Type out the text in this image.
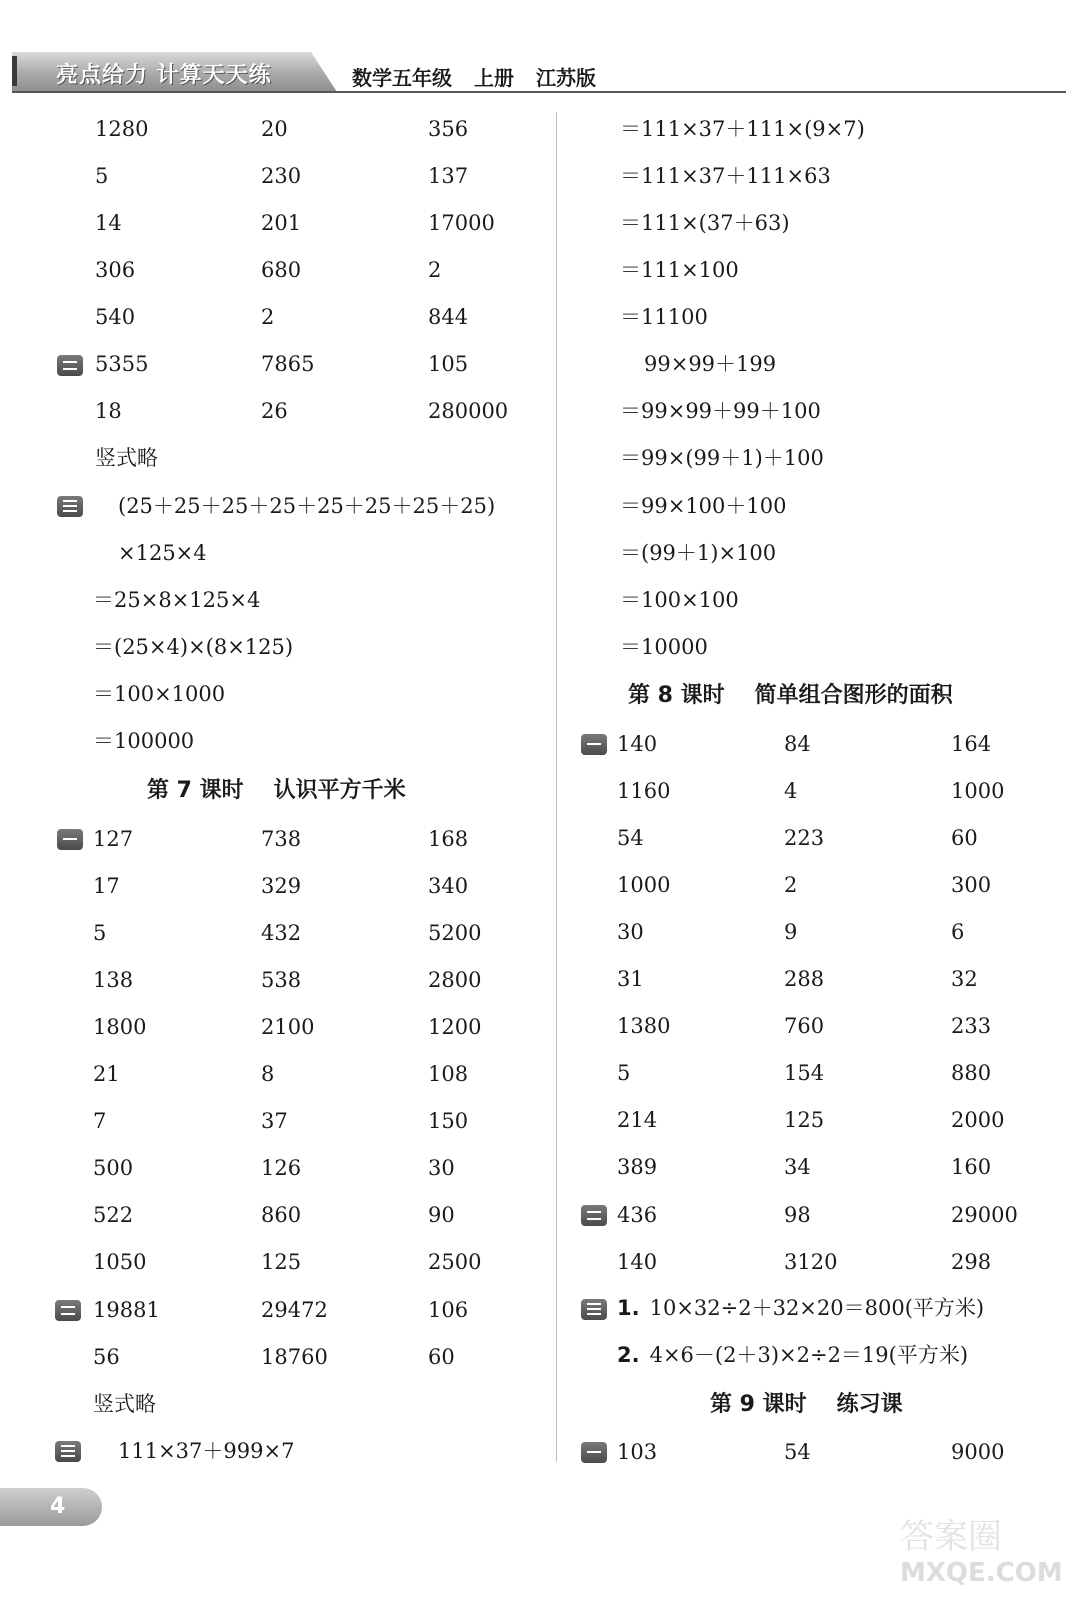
亮点给力 计算天天练	数学五年级 上册 江苏版
1280	20	356
5	230	137
14	201	17000
306	680	2
540	2	844
5355	7865	105
18	26	280000
竖式略
(25＋25＋25＋25＋25＋25＋25＋25)
×125×4
＝25×8×125×4
＝(25×4)×(8×125)
＝100×1000
＝100000
第 7 课时 认识平方千米
127	738	168
17	329	340
5	432	5200
138	538	2800
1800	2100	1200
21	8	108
7	37	150
500	126	30
522	860	90
1050	125	2500
19881	29472	106
56	18760	60
竖式略
111×37＋999×7
＝111×37＋111×(9×7)
＝111×37＋111×63
＝111×(37＋63)
＝111×100
＝11100
99×99＋199
＝99×99＋99＋100
＝99×(99＋1)＋100
＝99×100＋100
＝(99＋1)×100
＝100×100
＝10000
第 8 课时 简单组合图形的面积
140	84	164
1160	4	1000
54	223	60
1000	2	300
30	9	6
31	288	32
1380	760	233
5	154	880
214	125	2000
389	34	160
436	98	29000
140	3120	298
1. 10×32÷2＋32×20＝800(平方米)
2. 4×6－(2＋3)×2÷2＝19(平方米)
第 9 课时 练习课
103	54	9000
4
答案圈
MXQE.COM
